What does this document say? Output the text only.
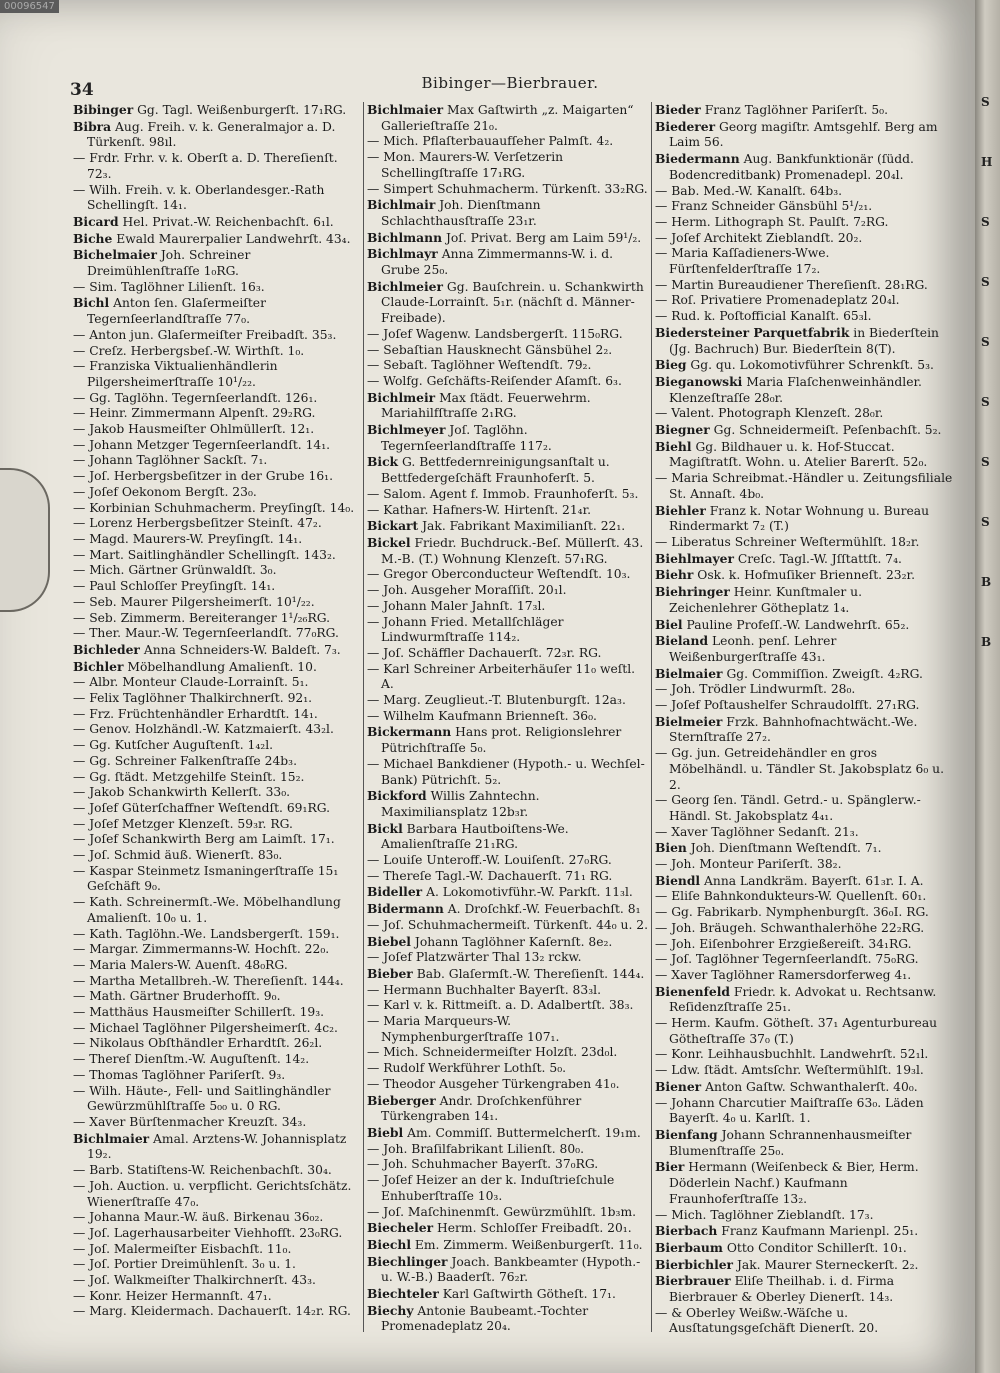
00096547
34	Bibinger—Bierbrauer.

Bibinger Gg. Tagl. Weißenburgerſt. 17₁RG.

Bibra Aug. Freih. v. k. Generalmajor a. D. Türkenſt. 98ıl.

— Frdr. Frhr. v. k. Oberſt a. D. Thereſienſt. 72₃.

— Wilh. Freih. v. k. Oberlandesger.-Rath Schellingſt. 14₁.

Bicard Hel. Privat.-W. Reichenbachſt. 6₁l.

Biche Ewald Maurerpalier Landwehrſt. 43₄.

Bichelmaier Joh. Schreiner Dreimühlenſtraſſe 1₀RG.

— Sim. Taglöhner Lilienſt. 16₃.

Bichl Anton ſen. Glaſermeiſter Tegernſeerlandſtraſſe 77₀.

— Anton jun. Glaſermeiſter Freibadſt. 35₃.

— Creſz. Herbergsbeſ.-W. Wirthſt. 1₀.

— Franziska Viktualienhändlerin Pilgersheimerſtraſſe 10¹/₂₂.

— Gg. Taglöhn. Tegernſeerlandſt. 126₁.

— Heinr. Zimmermann Alpenſt. 29₂RG.

— Jakob Hausmeiſter Ohlmüllerſt. 12₁.

— Johann Metzger Tegernſeerlandſt. 14₁.

— Johann Taglöhner Sackſt. 7₁.

— Joſ. Herbergsbeſitzer in der Grube 16₁.

— Joſef Oekonom Bergſt. 23₀.

— Korbinian Schuhmacherm. Preyſingſt. 14₀.

— Lorenz Herbergsbeſitzer Steinſt. 47₂.

— Magd. Maurers-W. Preyſingſt. 14₁.

— Mart. Saitlinghändler Schellingſt. 143₂.

— Mich. Gärtner Grünwaldſt. 3₀.

— Paul Schloſſer Preyſingſt. 14₁.

— Seb. Maurer Pilgersheimerſt. 10¹/₂₂.

— Seb. Zimmerm. Bereiteranger 1¹/₂₆RG.

— Ther. Maur.-W. Tegernſeerlandſt. 77₀RG.

Bichleder Anna Schneiders-W. Baldeſt. 7₃.

Bichler Möbelhandlung Amalienſt. 10.

— Albr. Monteur Claude-Lorrainſt. 5₁.

— Felix Taglöhner Thalkirchnerſt. 92₁.

— Frz. Früchtenhändler Erhardtſt. 14₁.

— Genov. Holzhändl.-W. Katzmaierſt. 43₂l.

— Gg. Kutſcher Auguſtenſt. 1₄₂l.

— Gg. Schreiner Falkenſtraſſe 24b₃.

— Gg. ſtädt. Metzgehilfe Steinſt. 15₂.

— Jakob Schankwirth Kellerſt. 33₀.

— Joſef Güterſchaffner Weſtendſt. 69₁RG.

— Joſef Metzger Klenzeſt. 59₃r. RG.

— Joſef Schankwirth Berg am Laimſt. 17₁.

— Joſ. Schmid äuß. Wienerſt. 83₀.

— Kaspar Steinmetz Ismaningerſtraſſe 15₁ Geſchäft 9₀.

— Kath. Schreinermſt.-We. Möbelhandlung Amalienſt. 10₀ u. 1.

— Kath. Taglöhn.-We. Landsbergerſt. 159₁.

— Margar. Zimmermanns-W. Hochſt. 22₀.

— Maria Malers-W. Auenſt. 48₀RG.

— Martha Metallbreh.-W. Thereſienſt. 144₄.

— Math. Gärtner Bruderhofſt. 9₀.

— Matthäus Hausmeiſter Schillerſt. 19₃.

— Michael Taglöhner Pilgersheimerſt. 4c₂.

— Nikolaus Obſthändler Erhardtſt. 26₂l.

— Thereſ Dienſtm.-W. Auguſtenſt. 14₂.

— Thomas Taglöhner Pariſerſt. 9₃.

— Wilh. Häute-, Fell- und Saitlinghändler Gewürzmühlſtraſſe 5₀₀ u. 0 RG.

— Xaver Bürſtenmacher Kreuzſt. 34₃.

Bichlmaier Amal. Arztens-W. Johannisplatz 19₂.

— Barb. Statiſtens-W. Reichenbachſt. 30₄.

— Joh. Auction. u. verpflicht. Gerichtsſchätz. Wienerſtraſſe 47₀.

— Johanna Maur.-W. äuß. Birkenau 36₀₂.

— Joſ. Lagerhausarbeiter Viehhofſt. 23₀RG.

— Joſ. Malermeiſter Eisbachſt. 11₀.

— Joſ. Portier Dreimühlenſt. 3₀ u. 1.

— Joſ. Walkmeiſter Thalkirchnerſt. 43₃.

— Konr. Heizer Hermannſt. 47₁.

— Marg. Kleidermach. Dachauerſt. 14₂r. RG.

Bichlmaier Max Gaſtwirth „z. Maigarten“ Gallerieſtraſſe 21₀.

— Mich. Pflaſterbauaufſeher Palmſt. 4₂.

— Mon. Maurers-W. Verſetzerin Schellingſtraſſe 17₁RG.

— Simpert Schuhmacherm. Türkenſt. 33₂RG.

Bichlmair Joh. Dienſtmann Schlachthausſtraſſe 23₁r.

Bichlmann Joſ. Privat. Berg am Laim 59¹/₂.

Bichlmayr Anna Zimmermanns-W. i. d. Grube 25₀.

Bichlmeier Gg. Bauſchrein. u. Schankwirth Claude-Lorrainſt. 5₁r. (nächſt d. Männer-Freibade).

— Joſef Wagenw. Landsbergerſt. 115₀RG.

— Sebaſtian Hausknecht Gänsbühel 2₂.

— Sebaſt. Taglöhner Weſtendſt. 79₂.

— Wolfg. Geſchäfts-Reiſender Aſamſt. 6₃.

Bichlmeir Max ſtädt. Feuerwehrm. Mariahilfſtraſſe 2₁RG.

Bichlmeyer Joſ. Taglöhn. Tegernſeerlandſtraſſe 117₂.

Bick G. Bettfedernreinigungsanſtalt u. Bettfedergeſchäft Fraunhoferſt. 5.

— Salom. Agent f. Immob. Fraunhoferſt. 5₃.

— Kathar. Hafners-W. Hirtenſt. 21₄r.

Bickart Jak. Fabrikant Maximilianſt. 22₁.

Bickel Friedr. Buchdruck.-Beſ. Müllerſt. 43. M.-B. (T.) Wohnung Klenzeſt. 57₁RG.

— Gregor Oberconducteur Weſtendſt. 10₃.

— Joh. Ausgeher Moraſſiſt. 20₁l.

— Johann Maler Jahnſt. 17₃l.

— Johann Fried. Metallſchläger Lindwurmſtraſſe 114₂.

— Joſ. Schäffler Dachauerſt. 72₃r. RG.

— Karl Schreiner Arbeiterhäuſer 11₀ weſtl. A.

— Marg. Zeuglieut.-T. Blutenburgſt. 12a₃.

— Wilhelm Kaufmann Brienneſt. 36₀.

Bickermann Hans prot. Religionslehrer Pütrichſtraſſe 5₀.

— Michael Bankdiener (Hypoth.- u. Wechſel-Bank) Pütrichſt. 5₂.

Bickford Willis Zahntechn. Maximiliansplatz 12b₃r.

Bickl Barbara Hautboiſtens-We. Amalienſtraſſe 21₁RG.

— Louiſe Unteroff.-W. Louiſenſt. 27₀RG.

— Thereſe Tagl.-W. Dachauerſt. 71₁ RG.

Bideller A. Lokomotivführ.-W. Parkſt. 11₃l.

Bidermann A. Droſchkf.-W. Feuerbachſt. 8₁

— Joſ. Schuhmachermeiſt. Türkenſt. 44₀ u. 2.

Biebel Johann Taglöhner Kaſernſt. 8e₂.

— Joſef Platzwärter Thal 13₂ rckw.

Bieber Bab. Glaſermſt.-W. Thereſienſt. 144₄.

— Hermann Buchhalter Bayerſt. 83₃l.

— Karl v. k. Rittmeiſt. a. D. Adalbertſt. 38₃.

— Maria Marqueurs-W. Nymphenburgerſtraſſe 107₁.

— Mich. Schneidermeiſter Holzſt. 23d₀l.

— Rudolf Werkführer Lothſt. 5₀.

— Theodor Ausgeher Türkengraben 41₀.

Bieberger Andr. Droſchkenführer Türkengraben 14₁.

Biebl Am. Commiſſ. Buttermelcherſt. 19₁m.

— Joh. Braſilfabrikant Lilienſt. 80₀.

— Joh. Schuhmacher Bayerſt. 37₀RG.

— Joſef Heizer an der k. Induſtrieſchule Enhuberſtraſſe 10₃.

— Joſ. Maſchinenmſt. Gewürzmühlſt. 1b₃m.

Biecheler Herm. Schloſſer Freibadſt. 20₁.

Biechl Em. Zimmerm. Weißenburgerſt. 11₀.

Biechlinger Joach. Bankbeamter (Hypoth.- u. W.-B.) Baaderſt. 76₂r.

Biechteler Karl Gaſtwirth Götheſt. 17₁.

Biechy Antonie Baubeamt.-Tochter Promenadeplatz 20₄.

Bieder Franz Taglöhner Pariſerſt. 5₀.

Biederer Georg magiſtr. Amtsgehlf. Berg am Laim 56.

Biedermann Aug. Bankfunktionär (ſüdd. Bodencreditbank) Promenadepl. 20₄l.

— Bab. Med.-W. Kanalſt. 64b₃.

— Franz Schneider Gänsbühl 5¹/₂₁.

— Herm. Lithograph St. Paulſt. 7₂RG.

— Joſef Architekt Zieblandſt. 20₂.

— Maria Kaſſadieners-Wwe. Fürſtenfelderſtraſſe 17₂.

— Martin Bureaudiener Thereſienſt. 28₁RG.

— Roſ. Privatiere Promenadeplatz 20₄l.

— Rud. k. Poſtofficial Kanalſt. 65₃l.

Biedersteiner Parquetfabrik in Biederſtein (Jg. Bachruch) Bur. Biederſtein 8(T).

Bieg Gg. qu. Lokomotivführer Schrenkſt. 5₃.

Bieganowski Maria Flaſchenweinhändler. Klenzeſtraſſe 28₀r.

— Valent. Photograph Klenzeſt. 28₀r.

Biegner Gg. Schneidermeiſt. Peſenbachſt. 5₂.

Biehl Gg. Bildhauer u. k. Hof-Stuccat. Magiſtratſt. Wohn. u. Atelier Barerſt. 52₀.

— Maria Schreibmat.-Händler u. Zeitungsfiliale St. Annaſt. 4b₀.

Biehler Franz k. Notar Wohnung u. Bureau Rindermarkt 7₂ (T.)

— Liberatus Schreiner Weſtermühlſt. 18₂r.

Biehlmayer Creſc. Tagl.-W. Jſſtattſt. 7₄.

Biehr Osk. k. Hofmuſiker Brienneſt. 23₂r.

Biehringer Heinr. Kunſtmaler u. Zeichenlehrer Götheplatz 1₄.

Biel Pauline Profeſſ.-W. Landwehrſt. 65₂.

Bieland Leonh. penſ. Lehrer Weißenburgerſtraſſe 43₁.

Bielmaier Gg. Commiſſion. Zweigſt. 4₂RG.

— Joh. Trödler Lindwurmſt. 28₀.

— Joſef Poſtaushelfer Schraudolfſt. 27₁RG.

Bielmeier Frzk. Bahnhofnachtwächt.-We. Sternſtraſſe 27₂.

— Gg. jun. Getreidehändler en gros Möbelhändl. u. Tändler St. Jakobsplatz 6₀ u. 2.

— Georg ſen. Tändl. Getrd.- u. Spänglerw.-Händl. St. Jakobsplatz 4₄₁.

— Xaver Taglöhner Sedanſt. 21₃.

Bien Joh. Dienſtmann Weſtendſt. 7₁.

— Joh. Monteur Pariſerſt. 38₂.

Biendl Anna Landkräm. Bayerſt. 61₃r. I. A.

— Eliſe Bahnkondukteurs-W. Quellenſt. 60₁.

— Gg. Fabrikarb. Nymphenburgſt. 36₀I. RG.

— Joh. Bräugeh. Schwanthalerhöhe 22₂RG.

— Joh. Eiſenbohrer Erzgießereiſt. 34₁RG.

— Joſ. Taglöhner Tegernſeerlandſt. 75₀RG.

— Xaver Taglöhner Ramersdorferweg 4₁.

Bienenfeld Friedr. k. Advokat u. Rechtsanw. Reſidenzſtraſſe 25₁.

— Herm. Kaufm. Götheſt. 37₁ Agenturbureau Götheſtraſſe 37₀ (T.)

— Konr. Leihhausbuchhlt. Landwehrſt. 52₁l.

— Ldw. ſtädt. Amtsſchr. Weſtermühlſt. 19₃l.

Biener Anton Gaſtw. Schwanthalerſt. 40₀.

— Johann Charcutier Maiſtraſſe 63₀. Läden Bayerſt. 4₀ u. Karlſt. 1.

Bienfang Johann Schrannenhausmeiſter Blumenſtraſſe 25₀.

Bier Hermann (Weiſenbeck & Bier, Herm. Döderlein Nachf.) Kaufmann Fraunhoferſtraſſe 13₂.

— Mich. Taglöhner Zieblandſt. 17₃.

Bierbach Franz Kaufmann Marienpl. 25₁.

Bierbaum Otto Conditor Schillerſt. 10₁.

Bierbichler Jak. Maurer Sterneckerſt. 2₂.

Bierbrauer Eliſe Theilhab. i. d. Firma Bierbrauer & Oberley Dienerſt. 14₃.

— & Oberley Weißw.-Wäſche u. Ausſtatungsgeſchäft Dienerſt. 20.

S
H
S
S
S
S
S
S
B
B
